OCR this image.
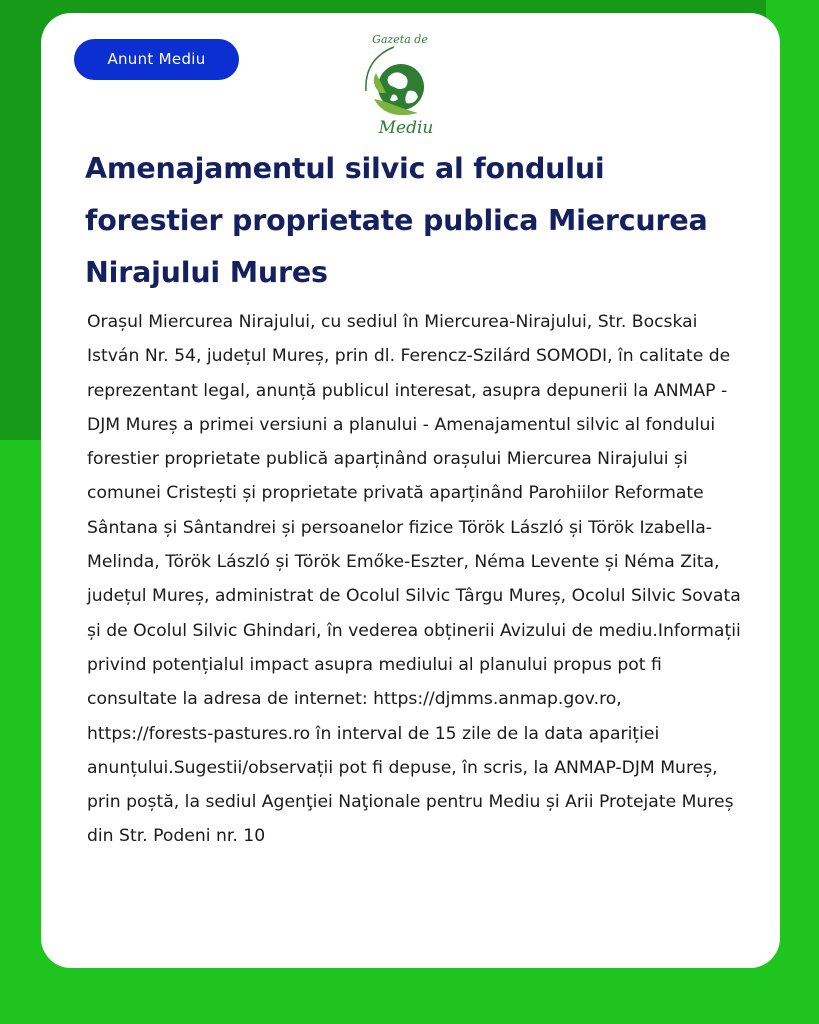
Anunt Mediu
Gazeta de
Mediu
Amenajamentul silvic al fondului forestier proprietate publica Miercurea Nirajului Mures

Orașul Miercurea Nirajului, cu sediul în Miercurea-Nirajului, Str. Bocskai István Nr. 54, județul Mureș, prin dl. Ferencz-Szilárd SOMODI, în calitate de reprezentant legal, anunță publicul interesat, asupra depunerii la ANMAP - DJM Mureș a primei versiuni a planului - Amenajamentul silvic al fondului forestier proprietate publică aparținând orașului Miercurea Nirajului și comunei Cristești și proprietate privată aparținând Parohiilor Reformate Sântana și Sântandrei și persoanelor fizice Török László și Török Izabella-Melinda, Török László și Török Emőke-Eszter, Néma Levente și Néma Zita, județul Mureș, administrat de Ocolul Silvic Târgu Mureș, Ocolul Silvic Sovata și de Ocolul Silvic Ghindari, în vederea obținerii Avizului de mediu.Informații privind potențialul impact asupra mediului al planului propus pot fi consultate la adresa de internet: https://djmms.anmap.gov.ro, https://forests-pastures.ro în interval de 15 zile de la data apariției anunțului.Sugestii/observații pot fi depuse, în scris, la ANMAP-DJM Mureș, prin poștă, la sediul Agenţiei Naţionale pentru Mediu și Arii Protejate Mureș din Str. Podeni nr. 10
